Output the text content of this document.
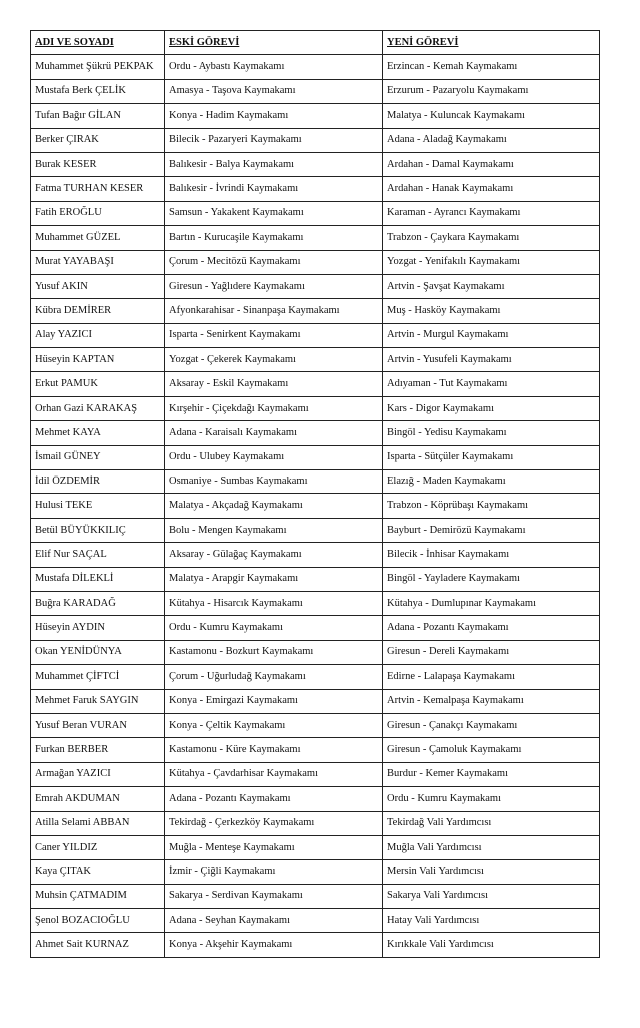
ADI VE SOYADI	ESKİ GÖREVİ	YENİ GÖREVİ
Muhammet Şükrü PEKPAK	Ordu - Aybastı Kaymakamı	Erzincan - Kemah Kaymakamı
Mustafa Berk ÇELİK	Amasya - Taşova Kaymakamı	Erzurum - Pazaryolu Kaymakamı
Tufan Bağır GİLAN	Konya - Hadim Kaymakamı	Malatya - Kuluncak Kaymakamı
Berker ÇIRAK	Bilecik - Pazaryeri Kaymakamı	Adana - Aladağ Kaymakamı
Burak KESER	Balıkesir - Balya Kaymakamı	Ardahan - Damal Kaymakamı
Fatma TURHAN KESER	Balıkesir - İvrindi Kaymakamı	Ardahan - Hanak Kaymakamı
Fatih EROĞLU	Samsun - Yakakent Kaymakamı	Karaman - Ayrancı Kaymakamı
Muhammet GÜZEL	Bartın - Kurucaşile Kaymakamı	Trabzon - Çaykara Kaymakamı
Murat YAYABAŞI	Çorum - Mecitözü Kaymakamı	Yozgat - Yenifakılı Kaymakamı
Yusuf AKIN	Giresun - Yağlıdere Kaymakamı	Artvin - Şavşat Kaymakamı
Kübra DEMİRER	Afyonkarahisar - Sinanpaşa Kaymakamı	Muş - Hasköy Kaymakamı
Alay YAZICI	Isparta - Senirkent Kaymakamı	Artvin - Murgul Kaymakamı
Hüseyin KAPTAN	Yozgat - Çekerek Kaymakamı	Artvin - Yusufeli Kaymakamı
Erkut PAMUK	Aksaray - Eskil Kaymakamı	Adıyaman - Tut Kaymakamı
Orhan Gazi KARAKAŞ	Kırşehir - Çiçekdağı Kaymakamı	Kars - Digor Kaymakamı
Mehmet KAYA	Adana - Karaisalı Kaymakamı	Bingöl - Yedisu Kaymakamı
İsmail GÜNEY	Ordu - Ulubey Kaymakamı	Isparta - Sütçüler Kaymakamı
İdil ÖZDEMİR	Osmaniye - Sumbas Kaymakamı	Elazığ - Maden Kaymakamı
Hulusi TEKE	Malatya - Akçadağ Kaymakamı	Trabzon - Köprübaşı Kaymakamı
Betül BÜYÜKKILIÇ	Bolu - Mengen Kaymakamı	Bayburt - Demirözü Kaymakamı
Elif Nur SAÇAL	Aksaray - Gülağaç Kaymakamı	Bilecik - İnhisar Kaymakamı
Mustafa DİLEKLİ	Malatya - Arapgir Kaymakamı	Bingöl - Yayladere Kaymakamı
Buğra KARADAĞ	Kütahya - Hisarcık Kaymakamı	Kütahya - Dumlupınar Kaymakamı
Hüseyin AYDIN	Ordu - Kumru Kaymakamı	Adana - Pozantı Kaymakamı
Okan YENİDÜNYA	Kastamonu - Bozkurt Kaymakamı	Giresun - Dereli Kaymakamı
Muhammet ÇİFTCİ	Çorum - Uğurludağ Kaymakamı	Edirne - Lalapaşa Kaymakamı
Mehmet Faruk SAYGIN	Konya - Emirgazi Kaymakamı	Artvin - Kemalpaşa Kaymakamı
Yusuf Beran VURAN	Konya - Çeltik Kaymakamı	Giresun - Çanakçı Kaymakamı
Furkan BERBER	Kastamonu - Küre Kaymakamı	Giresun - Çamoluk Kaymakamı
Armağan YAZICI	Kütahya - Çavdarhisar Kaymakamı	Burdur - Kemer Kaymakamı
Emrah AKDUMAN	Adana - Pozantı Kaymakamı	Ordu - Kumru Kaymakamı
Atilla Selami ABBAN	Tekirdağ - Çerkezköy Kaymakamı	Tekirdağ Vali Yardımcısı
Caner YILDIZ	Muğla - Menteşe Kaymakamı	Muğla Vali Yardımcısı
Kaya ÇITAK	İzmir - Çiğli Kaymakamı	Mersin Vali Yardımcısı
Muhsin ÇATMADIM	Sakarya - Serdivan Kaymakamı	Sakarya Vali Yardımcısı
Şenol BOZACIOĞLU	Adana - Seyhan Kaymakamı	Hatay Vali Yardımcısı
Ahmet Sait KURNAZ	Konya - Akşehir Kaymakamı	Kırıkkale Vali Yardımcısı
